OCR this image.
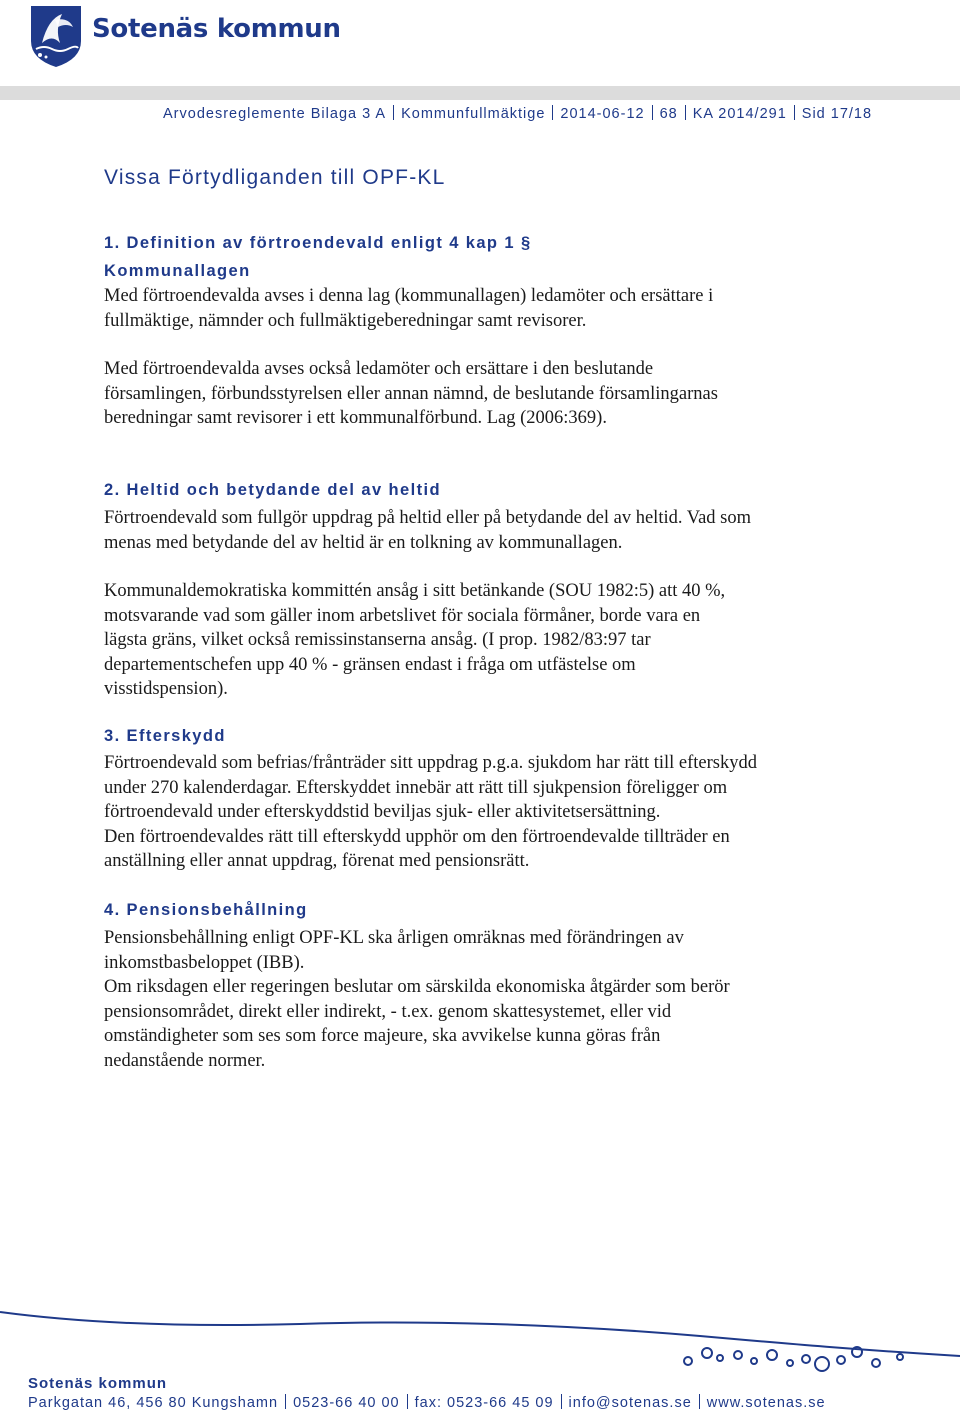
Sotenäs kommun

Arvodesreglemente Bilaga 3 A Kommunfullmäktige 2014-06-12 68 KA 2014/291 Sid 17/18

Vissa Förtydliganden till OPF-KL
1. Definition av förtroendevald enligt 4 kap 1 §
Kommunallagen

Med förtroendevalda avses i denna lag (kommunallagen) ledamöter och ersättare i
fullmäktige, nämnder och fullmäktigeberedningar samt revisorer.

Med förtroendevalda avses också ledamöter och ersättare i den beslutande
församlingen, förbundsstyrelsen eller annan nämnd, de beslutande församlingarnas
beredningar samt revisorer i ett kommunalförbund. Lag (2006:369).

2. Heltid och betydande del av heltid

Förtroendevald som fullgör uppdrag på heltid eller på betydande del av heltid. Vad som
menas med betydande del av heltid är en tolkning av kommunallagen.

Kommunaldemokratiska kommittén ansåg i sitt betänkande (SOU 1982:5) att 40 %,
motsvarande vad som gäller inom arbetslivet för sociala förmåner, borde vara en
lägsta gräns, vilket också remissinstanserna ansåg. (I prop. 1982/83:97 tar
departementschefen upp 40 % - gränsen endast i fråga om utfästelse om
visstidspension).

3. Efterskydd

Förtroendevald som befrias/frånträder sitt uppdrag p.g.a. sjukdom har rätt till efterskydd
under 270 kalenderdagar. Efterskyddet innebär att rätt till sjukpension föreligger om
förtroendevald under efterskyddstid beviljas sjuk- eller aktivitetsersättning.
Den förtroendevaldes rätt till efterskydd upphör om den förtroendevalde tillträder en
anställning eller annat uppdrag, förenat med pensionsrätt.

4. Pensionsbehållning

Pensionsbehållning enligt OPF-KL ska årligen omräknas med förändringen av
inkomstbasbeloppet (IBB).
Om riksdagen eller regeringen beslutar om särskilda ekonomiska åtgärder som berör
pensionsområdet, direkt eller indirekt, - t.ex. genom skattesystemet, eller vid
omständigheter som ses som force majeure, ska avvikelse kunna göras från
nedanstående normer.

Sotenäs kommun

Parkgatan 46, 456 80 Kungshamn 0523-66 40 00 fax: 0523-66 45 09 info@sotenas.se www.sotenas.se
